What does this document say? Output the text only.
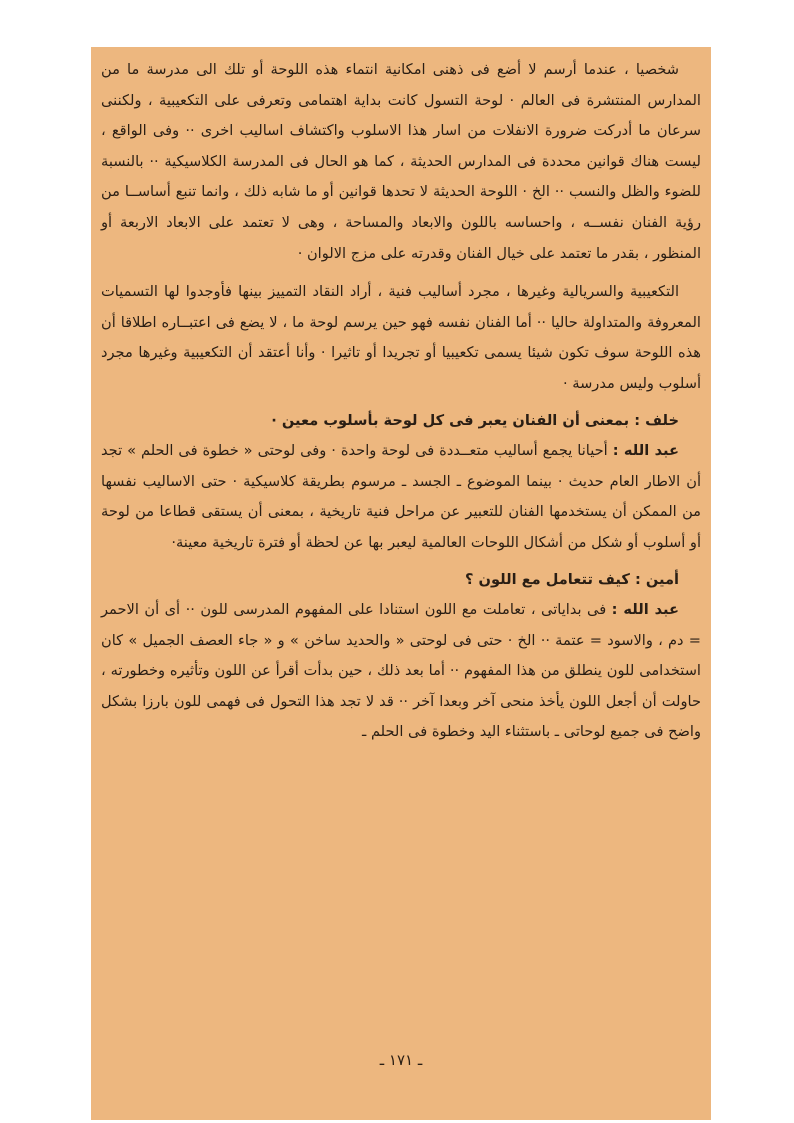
شخصيا ، عندما أرسم لا أضع فى ذهنى امكانية انتماء هذه اللوحة أو تلك الى مدرسة ما من المدارس المنتشرة فى العالم · لوحة التسول كانت بداية اهتمامى وتعرفى على التكعيبية ، ولكننى سرعان ما أدركت ضرورة الانفلات من اسار هذا الاسلوب واكتشاف اساليب اخرى ·· وفى الواقع ، ليست هناك قوانين محددة فى المدارس الحديثة ، كما هو الحال فى المدرسة الكلاسيكية ·· بالنسبة للضوء والظل والنسب ·· الخ · اللوحة الحديثة لا تحدها قوانين أو ما شابه ذلك ، وانما تنبع أساســا من رؤية الفنان نفســه ، واحساسه باللون والابعاد والمساحة ، وهى لا تعتمد على الابعاد الاربعة أو المنظور ، بقدر ما تعتمد على خيال الفنان وقدرته على مزج الالوان ·

التكعيبية والسريالية وغيرها ، مجرد أساليب فنية ، أراد النقاد التمييز بينها فأوجدوا لها التسميات المعروفة والمتداولة حاليا ·· أما الفنان نفسه فهو حين يرسم لوحة ما ، لا يضع فى اعتبــاره اطلاقا أن هذه اللوحة سوف تكون شيئا يسمى تكعيبيا أو تجريدا أو تاثيرا · وأنا أعتقد أن التكعيبية وغيرها مجرد أسلوب وليس مدرسة ·

خلف : بمعنى أن الفنان يعبر فى كل لوحة بأسلوب معين ·

عبد الله : أحيانا يجمع أساليب متعــددة فى لوحة واحدة · وفى لوحتى « خطوة فى الحلم » تجد أن الاطار العام حديث · بينما الموضوع ـ الجسد ـ مرسوم بطريقة كلاسيكية · حتى الاساليب نفسها من الممكن أن يستخدمها الفنان للتعبير عن مراحل فنية تاريخية ، بمعنى أن يستقى قطاعا من لوحة أو أسلوب أو شكل من أشكال اللوحات العالمية ليعبر بها عن لحظة أو فترة تاريخية معينة·

أمين : كيف تتعامل مع اللون ؟

عبد الله : فى بداياتى ، تعاملت مع اللون استنادا على المفهوم المدرسى للون ·· أى أن الاحمر = دم ، والاسود = عتمة ·· الخ · حتى فى لوحتى « والحديد ساخن » و « جاء العصف الجميل » كان استخدامى للون ينطلق من هذا المفهوم ·· أما بعد ذلك ، حين بدأت أقرأ عن اللون وتأثيره وخطورته ، حاولت أن أجعل اللون يأخذ منحى آخر وبعدا آخر ·· قد لا تجد هذا التحول فى فهمى للون بارزا بشكل واضح فى جميع لوحاتى ـ باستثناء اليد وخطوة فى الحلم ـ

ـ ١٧١ ـ
